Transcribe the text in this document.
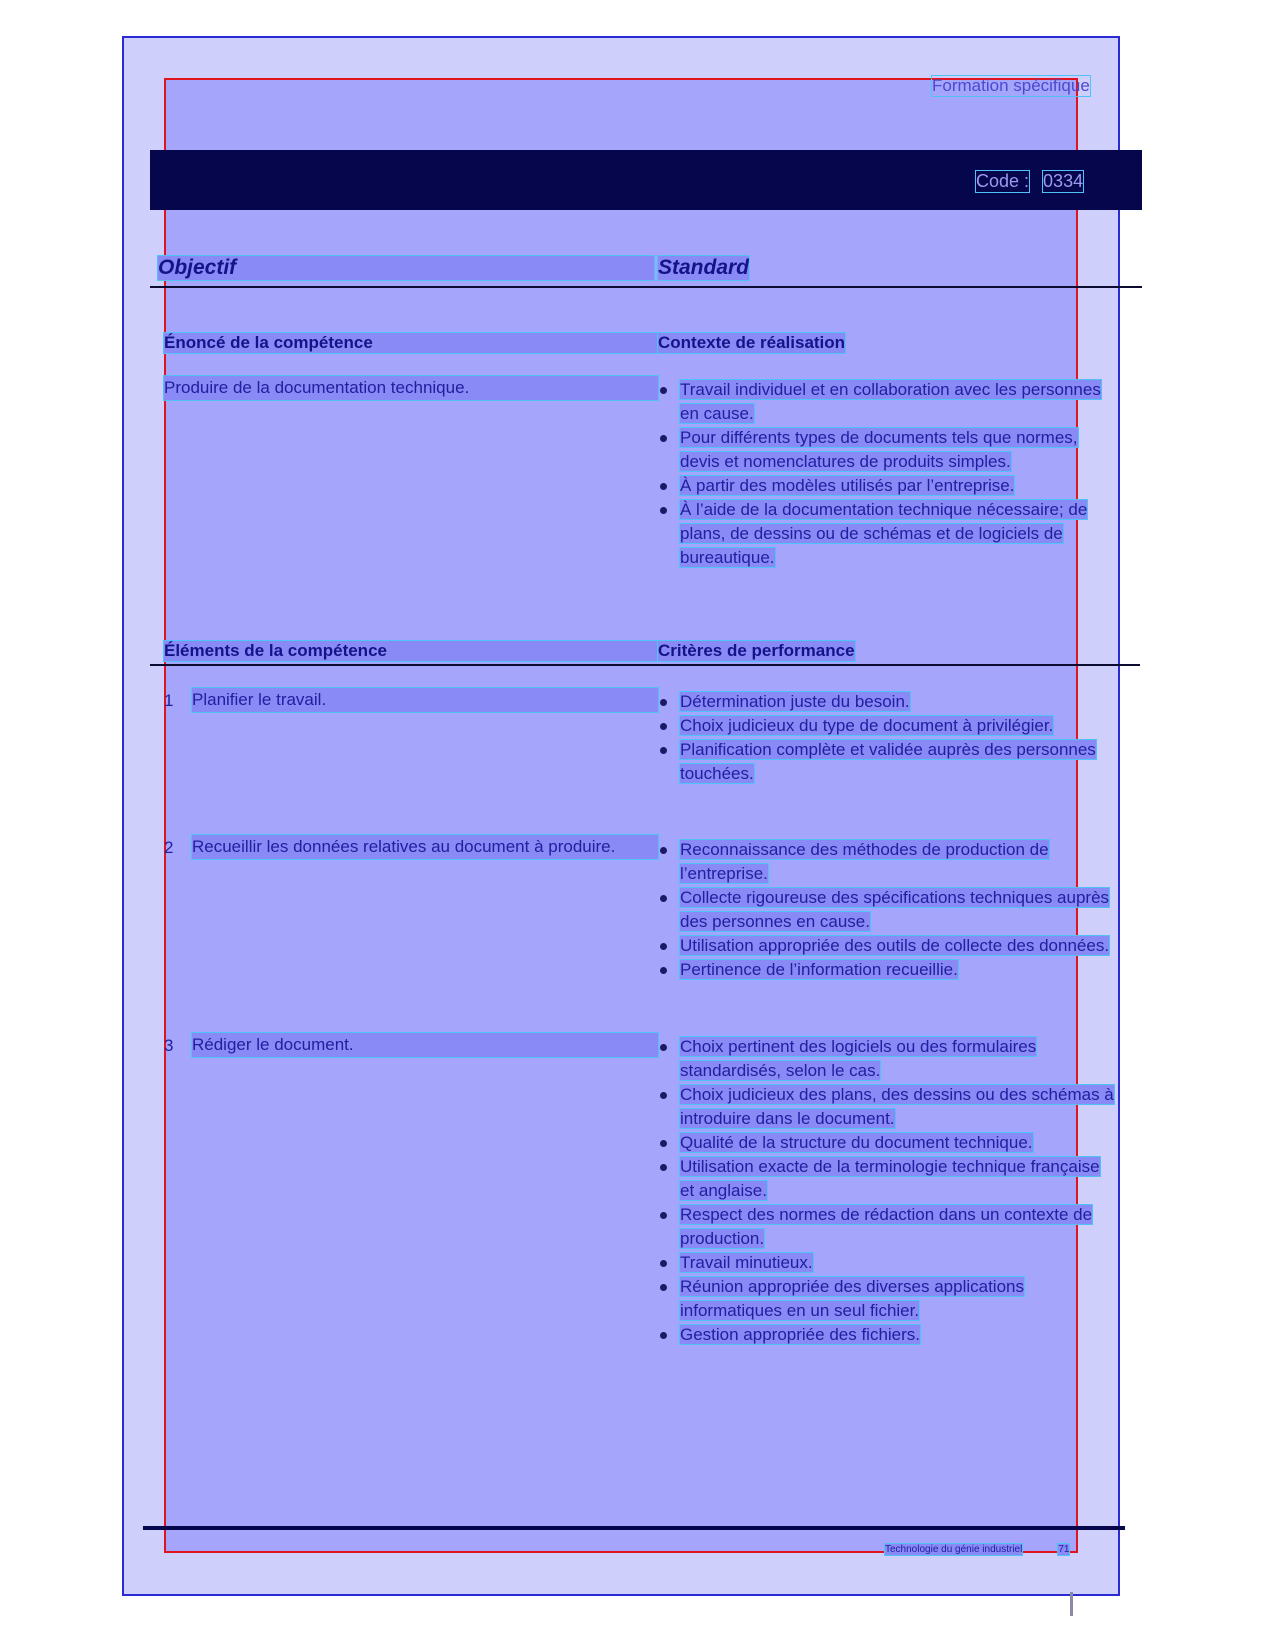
Formation spécifique
Code : 0334
Objectif	Standard
Énoncé de la compétence	Contexte de réalisation
Produire de la documentation technique.	Travail individuel et en collaboration avec les personnes en cause.
Pour différents types de documents tels que normes, devis et nomenclatures de produits simples.
À partir des modèles utilisés par l’entreprise.
À l’aide de la documentation technique nécessaire; de plans, de dessins ou de schémas et de logiciels de bureautique.
Éléments de la compétence	Critères de performance
1 Planifier le travail.	Détermination juste du besoin.
Choix judicieux du type de document à privilégier.
Planification complète et validée auprès des personnes touchées.
2 Recueillir les données relatives au document à produire.	Reconnaissance des méthodes de production de l’entreprise.
Collecte rigoureuse des spécifications techniques auprès des personnes en cause.
Utilisation appropriée des outils de collecte des données.
Pertinence de l’information recueillie.
3 Rédiger le document.	Choix pertinent des logiciels ou des formulaires standardisés, selon le cas.
Choix judicieux des plans, des dessins ou des schémas à introduire dans le document.
Qualité de la structure du document technique.
Utilisation exacte de la terminologie technique française et anglaise.
Respect des normes de rédaction dans un contexte de production.
Travail minutieux.
Réunion appropriée des diverses applications informatiques en un seul fichier.
Gestion appropriée des fichiers.
Technologie du génie industriel	71
